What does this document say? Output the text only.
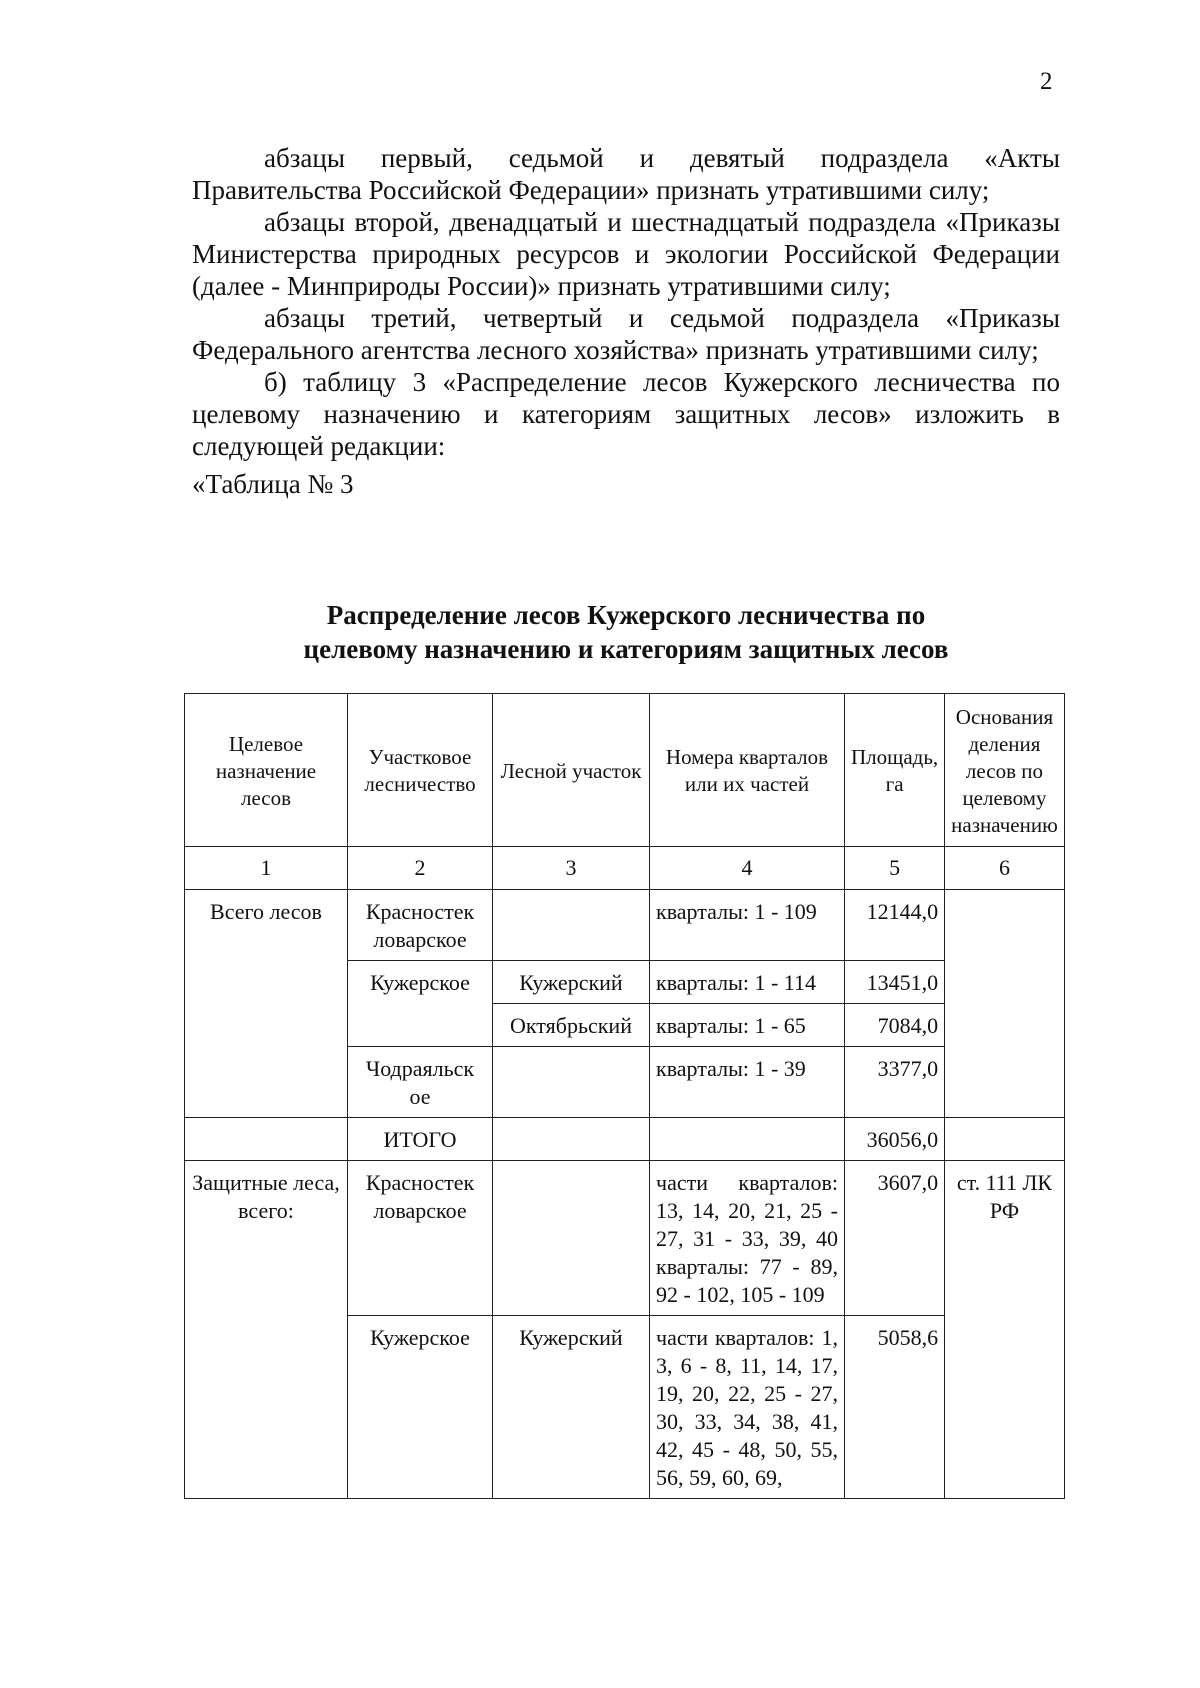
2

абзацы первый, седьмой и девятый подраздела «Акты Правительства Российской Федерации» признать утратившими силу;

абзацы второй, двенадцатый и шестнадцатый подраздела «Приказы Министерства природных ресурсов и экологии Российской Федерации (далее - Минприроды России)» признать утратившими силу;

абзацы третий, четвертый и седьмой подраздела «Приказы Федерального агентства лесного хозяйства» признать утратившими силу;

б) таблицу 3 «Распределение лесов Кужерского лесничества по целевому назначению и категориям защитных лесов» изложить в следующей редакции:

«Таблица № 3

Распределение лесов Кужерского лесничества по
целевому назначению и категориям защитных лесов
Целевое назначение лесов	Участковое лесничество	Лесной участок	Номера кварталов или их частей	Площадь, га	Основания деления лесов по целевому назначению
1	2	3	4	5	6
Всего лесов	Красностек ловарское		кварталы: 1 - 109	12144,0	
	Кужерское	Кужерский	кварталы: 1 - 114	13451,0	
		Октябрьский	кварталы: 1 - 65	7084,0	
	Чодраяльск ое		кварталы: 1 - 39	3377,0	
	ИТОГО			36056,0	
Защитные леса, всего:	Красностек ловарское		части кварталов: 13, 14, 20, 21, 25 - 27, 31 - 33, 39, 40 кварталы: 77 - 89, 92 - 102, 105 - 109	3607,0	ст. 111 ЛК РФ
	Кужерское	Кужерский	части кварталов: 1, 3, 6 - 8, 11, 14, 17, 19, 20, 22, 25 - 27, 30, 33, 34, 38, 41, 42, 45 - 48, 50, 55, 56, 59, 60, 69,	5058,6	
